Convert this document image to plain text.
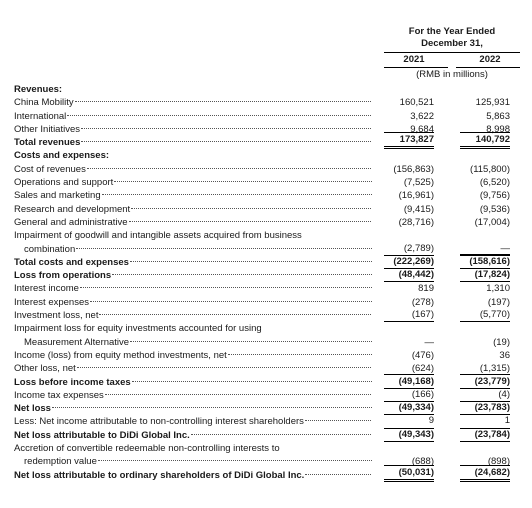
For the Year Ended
December 31,
2021	2022
(RMB in millions)
Revenues:
China Mobility	160,521	125,931
International	3,622	5,863
Other Initiatives	9,684	8,998
Total revenues	173,827	140,792
Costs and expenses:
Cost of revenues	(156,863)	(115,800)
Operations and support	(7,525)	(6,520)
Sales and marketing	(16,961)	(9,756)
Research and development	(9,415)	(9,536)
General and administrative	(28,716)	(17,004)
Impairment of goodwill and intangible assets acquired from business
combination	(2,789)	—
Total costs and expenses	(222,269)	(158,616)
Loss from operations	(48,442)	(17,824)
Interest income	819	1,310
Interest expenses	(278)	(197)
Investment loss, net	(167)	(5,770)
Impairment loss for equity investments accounted for using
Measurement Alternative	—	(19)
Income (loss) from equity method investments, net	(476)	36
Other loss, net	(624)	(1,315)
Loss before income taxes	(49,168)	(23,779)
Income tax expenses	(166)	(4)
Net loss	(49,334)	(23,783)
Less: Net income attributable to non-controlling interest shareholders	9	1
Net loss attributable to DiDi Global Inc.	(49,343)	(23,784)
Accretion of convertible redeemable non-controlling interests to
redemption value	(688)	(898)
Net loss attributable to ordinary shareholders of DiDi Global Inc.	(50,031)	(24,682)
